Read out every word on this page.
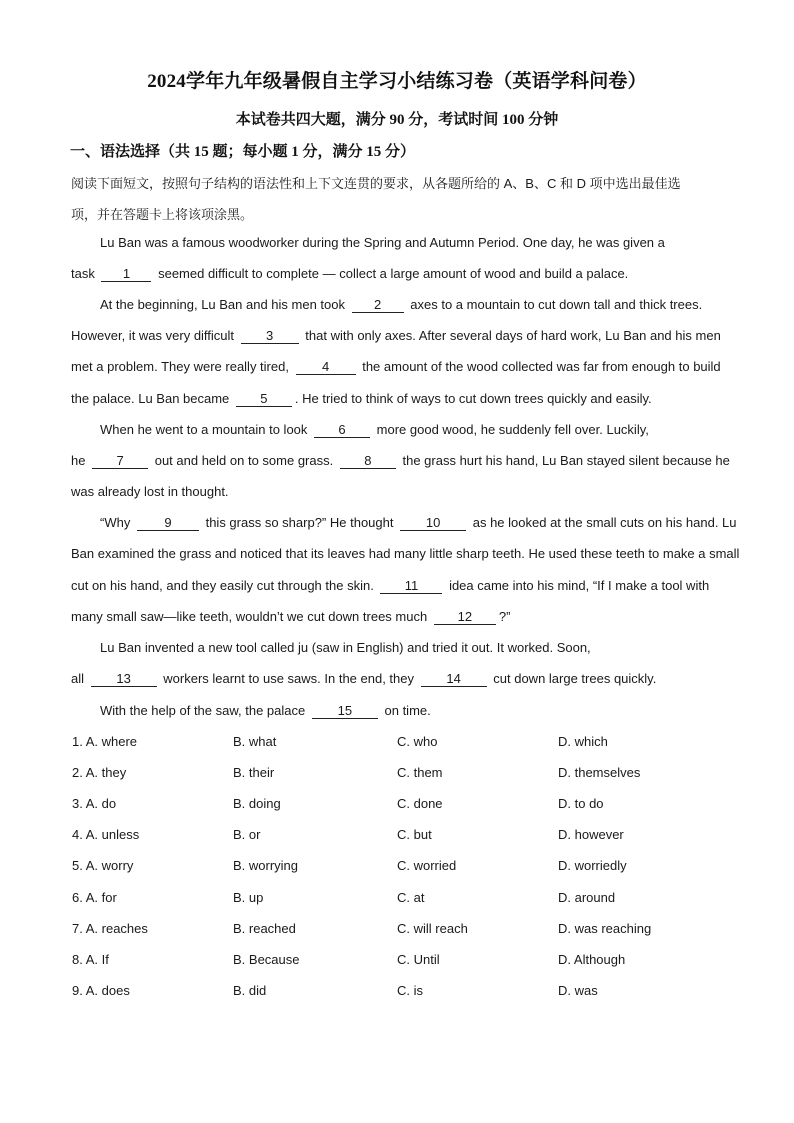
2024学年九年级暑假自主学习小结练习卷（英语学科问卷）
本试卷共四大题，满分 90 分，考试时间 100 分钟
一、语法选择（共 15 题；每小题 1 分，满分 15 分）
阅读下面短文，按照句子结构的语法性和上下文连贯的要求，从各题所给的 A、B、C 和 D 项中选出最佳选
项，并在答题卡上将该项涂黑。
Lu Ban was a famous woodworker during the Spring and Autumn Period. One day, he was given a
task 1 seemed difficult to complete — collect a large amount of wood and build a palace.
At the beginning, Lu Ban and his men took 2 axes to a mountain to cut down tall and thick trees.
However, it was very difficult 3 that with only axes. After several days of hard work, Lu Ban and his men
met a problem. They were really tired,	4	the amount of the wood collected was far from enough to build
the palace. Lu Ban became 5 . He tried to think of ways to cut down trees quickly and easily.
When he went to a mountain to look 6 more good wood, he suddenly fell over. Luckily,
he 7 out and held on to some grass. 8 the grass hurt his hand, Lu Ban stayed silent because he
was already lost in thought.
“Why	9	this grass so sharp?” He thought 10 as he looked at the small cuts on his hand. Lu
Ban examined the grass and noticed that its leaves had many little sharp teeth. He used these teeth to make a small
cut on his hand, and they easily cut through the skin. 11 idea came into his mind, “If I make a tool with
many small saw—like teeth, wouldn’t we cut down trees much 12 ?”
Lu Ban invented a new tool called ju (saw in English) and tried it out. It worked. Soon,
all 13 workers learnt to use saws. In the end, they 14 cut down large trees quickly.
With the help of the saw, the palace 15 on time.
1. A. where	B. what	C. who	D. which
2. A. they	B. their	C. them	D. themselves
3. A. do	B. doing	C. done	D. to do
4. A. unless	B. or	C. but	D. however
5. A. worry	B. worrying	C. worried	D. worriedly
6. A. for	B. up	C. at	D. around
7. A. reaches	B. reached	C. will reach	D. was reaching
8. A. If	B. Because	C. Until	D. Although
9. A. does	B. did	C. is	D. was
